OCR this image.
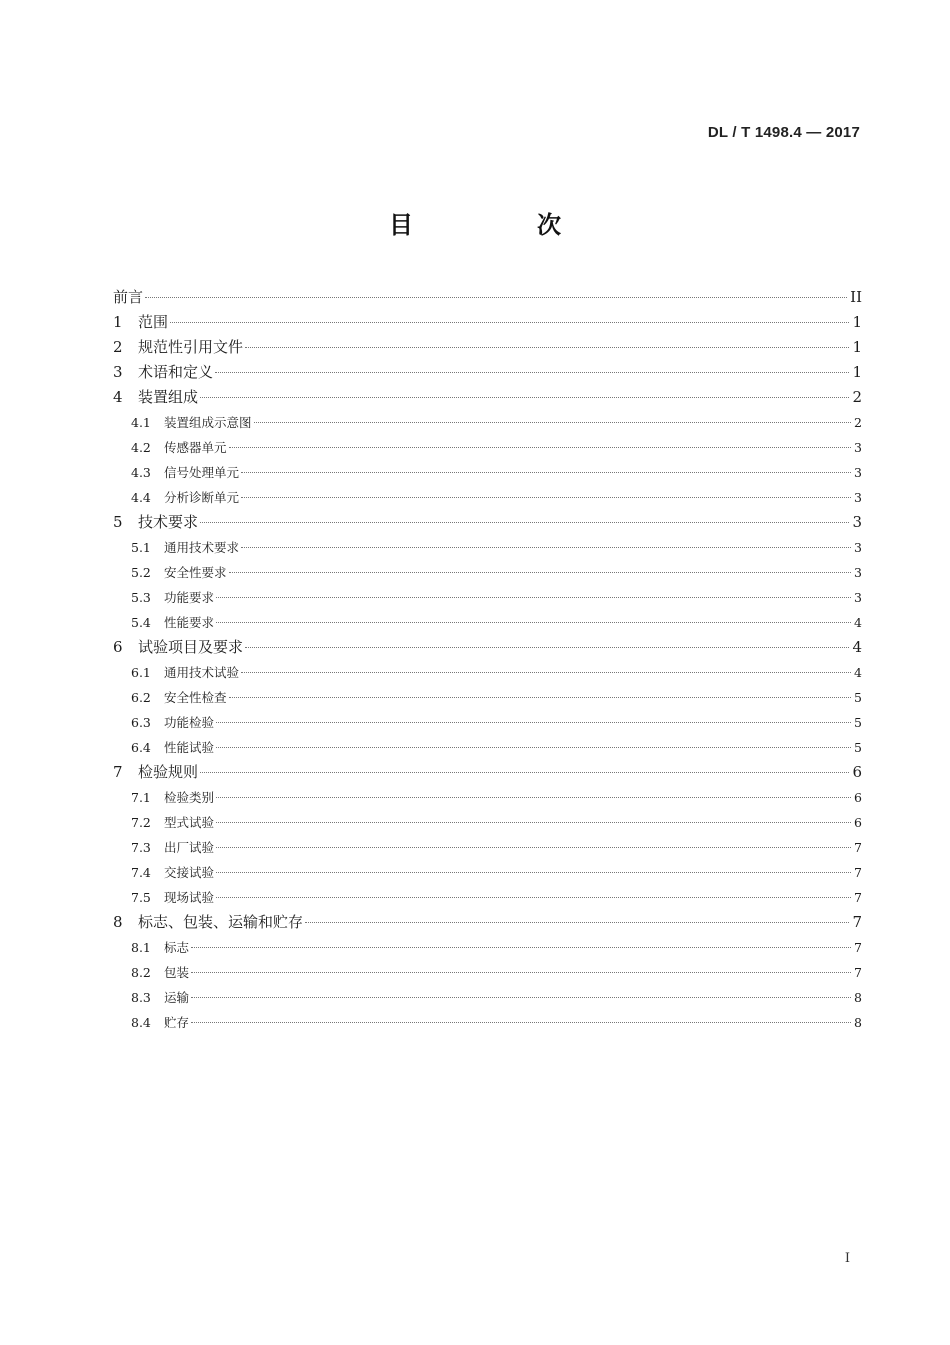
DL / T 1498.4 — 2017
目　次
前言	II
1	范围	1
2	规范性引用文件	1
3	术语和定义	1
4	装置组成	2
4.1	装置组成示意图	2
4.2	传感器单元	3
4.3	信号处理单元	3
4.4	分析诊断单元	3
5	技术要求	3
5.1	通用技术要求	3
5.2	安全性要求	3
5.3	功能要求	3
5.4	性能要求	4
6	试验项目及要求	4
6.1	通用技术试验	4
6.2	安全性检查	5
6.3	功能检验	5
6.4	性能试验	5
7	检验规则	6
7.1	检验类别	6
7.2	型式试验	6
7.3	出厂试验	7
7.4	交接试验	7
7.5	现场试验	7
8	标志、包装、运输和贮存	7
8.1	标志	7
8.2	包装	7
8.3	运输	8
8.4	贮存	8
I
